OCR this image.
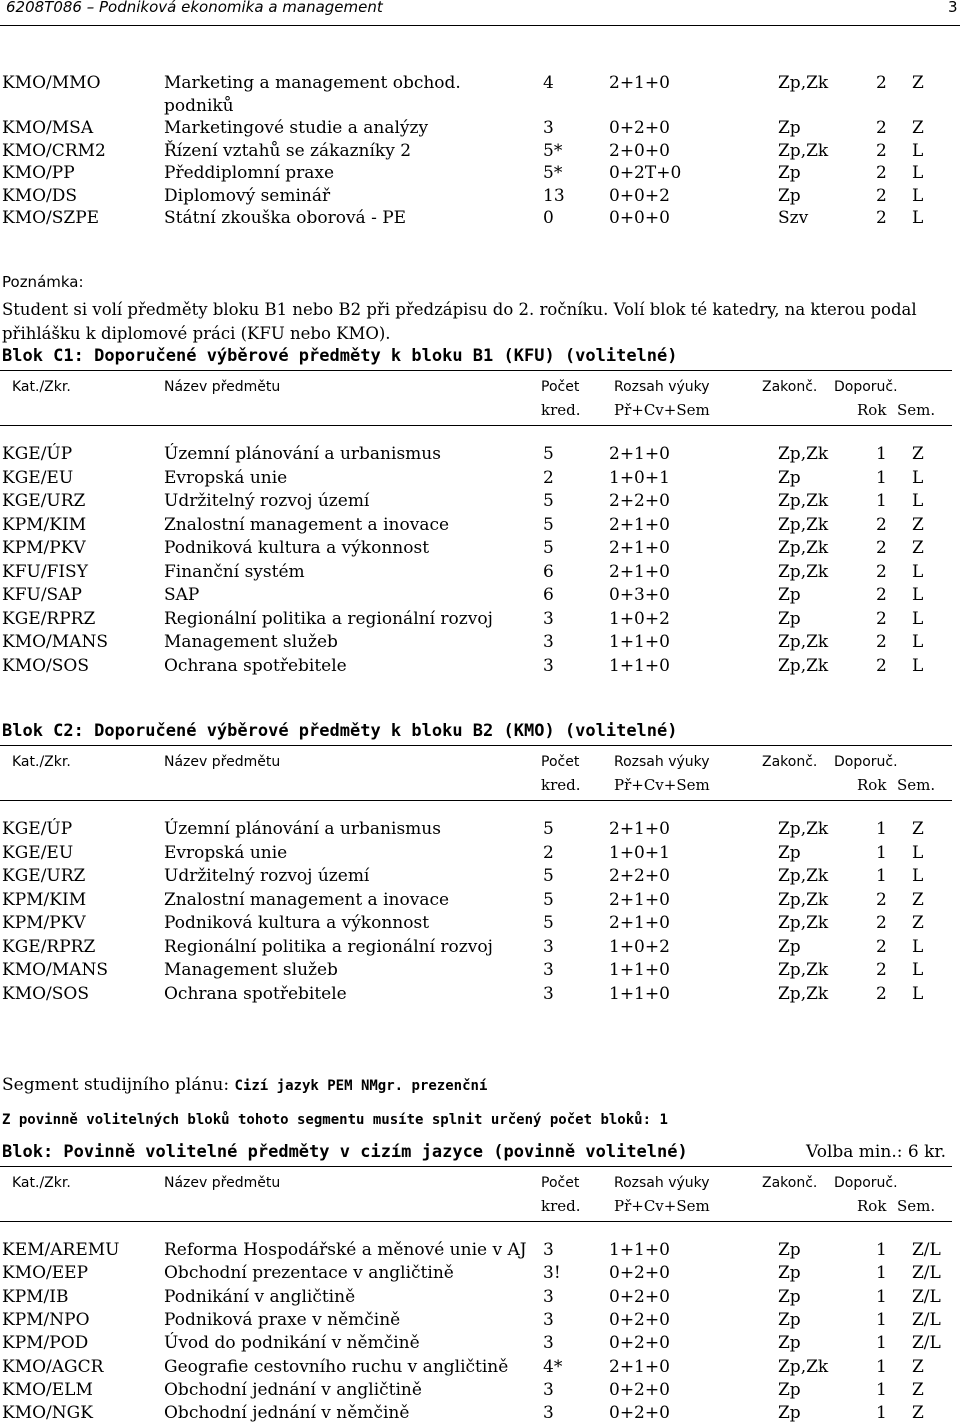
6208T086 – Podniková ekonomika a management	3
KMO/MMO	Marketing a management obchod.	4	2+1+0	Zp,Zk	2 Z
podniků
KMO/MSA	Marketingové studie a analýzy	3	0+2+0	Zp	2 Z
KMO/CRM2	Řízení vztahů se zákazníky 2	5*	2+0+0	Zp,Zk	2 L
KMO/PP	Předdiplomní praxe	5*	0+2T+0	Zp	2 L
KMO/DS	Diplomový seminář	13	0+0+2	Zp	2 L
KMO/SZPE	Státní zkouška oborová - PE	0	0+0+0	Szv	2 L
Poznámka:
Student si volí předměty bloku B1 nebo B2 při předzápisu do 2. ročníku. Volí blok té katedry, na kterou podal
přihlášku k diplomové práci (KFU nebo KMO).
Blok C1: Doporučené výběrové předměty k bloku B1 (KFU) (volitelné)
Kat./Zkr.	Název předmětu	Počet Rozsah výuky	Zakonč. Doporuč.
kred. Př+Cv+Sem	Rok Sem.
KGE/ÚP	Územní plánování a urbanismus	5	2+1+0	Zp,Zk	1 Z
KGE/EU	Evropská unie	2	1+0+1	Zp	1 L
KGE/URZ	Udržitelný rozvoj území	5	2+2+0	Zp,Zk	1 L
KPM/KIM	Znalostní management a inovace	5	2+1+0	Zp,Zk	2 Z
KPM/PKV	Podniková kultura a výkonnost	5	2+1+0	Zp,Zk	2 Z
KFU/FISY	Finanční systém	6	2+1+0	Zp,Zk	2 L
KFU/SAP	SAP	6	0+3+0	Zp	2 L
KGE/RPRZ	Regionální politika a regionální rozvoj	3	1+0+2	Zp	2 L
KMO/MANS	Management služeb	3	1+1+0	Zp,Zk	2 L
KMO/SOS	Ochrana spotřebitele	3	1+1+0	Zp,Zk	2 L
Blok C2: Doporučené výběrové předměty k bloku B2 (KMO) (volitelné)
Kat./Zkr.	Název předmětu	Počet Rozsah výuky	Zakonč. Doporuč.
kred. Př+Cv+Sem	Rok Sem.
KGE/ÚP	Územní plánování a urbanismus	5	2+1+0	Zp,Zk	1 Z
KGE/EU	Evropská unie	2	1+0+1	Zp	1 L
KGE/URZ	Udržitelný rozvoj území	5	2+2+0	Zp,Zk	1 L
KPM/KIM	Znalostní management a inovace	5	2+1+0	Zp,Zk	2 Z
KPM/PKV	Podniková kultura a výkonnost	5	2+1+0	Zp,Zk	2 Z
KGE/RPRZ	Regionální politika a regionální rozvoj	3	1+0+2	Zp	2 L
KMO/MANS	Management služeb	3	1+1+0	Zp,Zk	2 L
KMO/SOS	Ochrana spotřebitele	3	1+1+0	Zp,Zk	2 L
Segment studijního plánu: Cizí jazyk PEM NMgr. prezenční
Z povinně volitelných bloků tohoto segmentu musíte splnit určený počet bloků: 1
Blok: Povinně volitelné předměty v cizím jazyce (povinně volitelné)	Volba min.: 6 kr.
Kat./Zkr.	Název předmětu	Počet Rozsah výuky	Zakonč. Doporuč.
kred. Př+Cv+Sem	Rok Sem.
KEM/AREMU	Reforma Hospodářské a měnové unie v AJ 3	1+1+0	Zp	1 Z/L
KMO/EEP	Obchodní prezentace v angličtině	3!	0+2+0	Zp	1 Z/L
KPM/IB	Podnikání v angličtině	3	0+2+0	Zp	1 Z/L
KPM/NPO	Podniková praxe v němčině	3	0+2+0	Zp	1 Z/L
KPM/POD	Úvod do podnikání v němčině	3	0+2+0	Zp	1 Z/L
KMO/AGCR	Geografie cestovního ruchu v angličtině 4*	2+1+0	Zp,Zk	1 Z
KMO/ELM	Obchodní jednání v angličtině	3	0+2+0	Zp	1 Z
KMO/NGK	Obchodní jednání v němčině	3	0+2+0	Zp	1 Z
